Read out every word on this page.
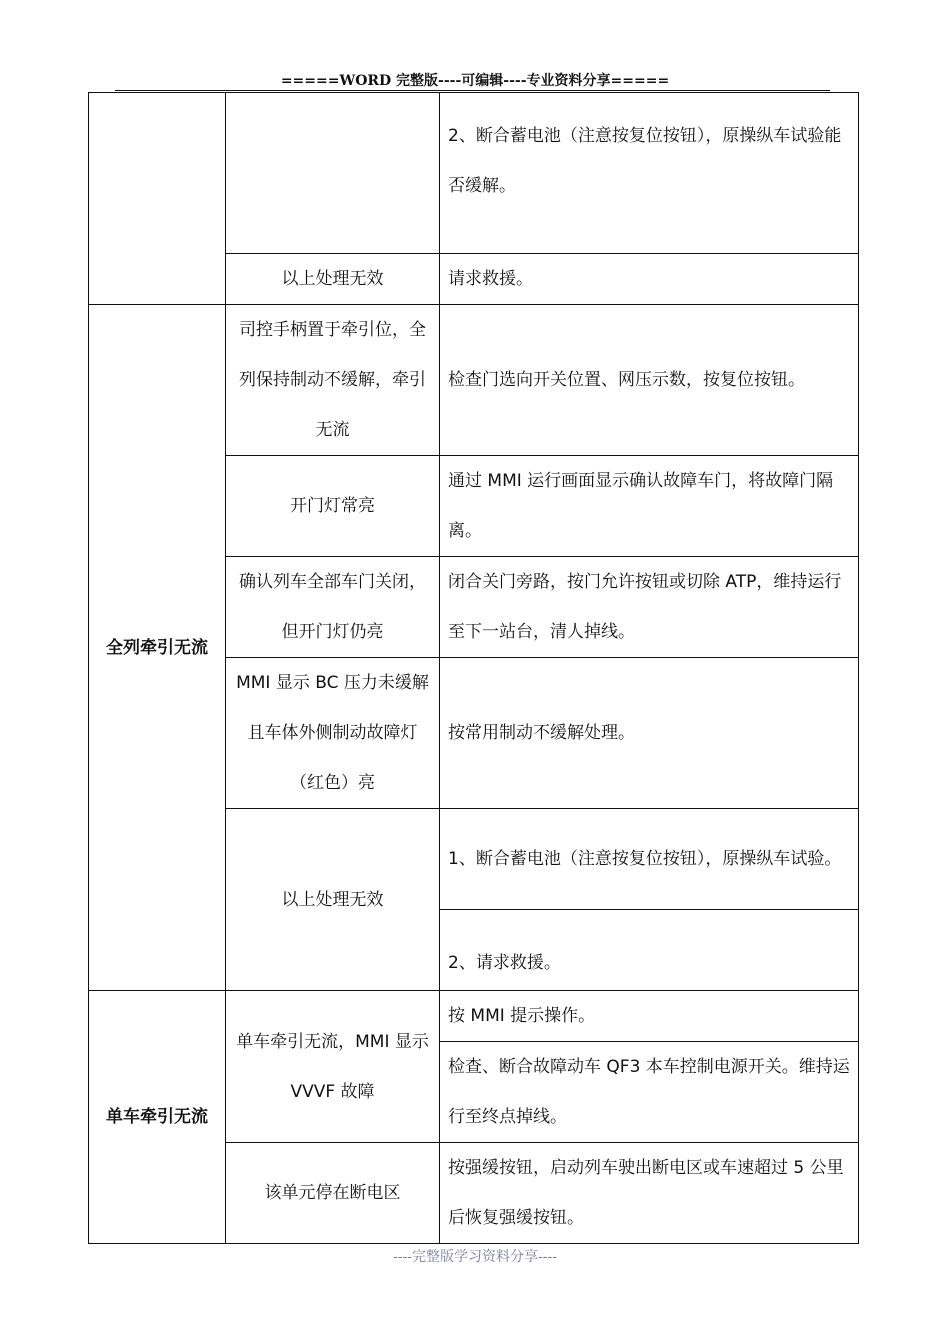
=====WORD 完整版----可编辑----专业资料分享=====
		2、断合蓄电池（注意按复位按钮），原操纵车试验能否缓解。
	以上处理无效	请求救援。
全列牵引无流	司控手柄置于牵引位，全列保持制动不缓解，牵引无流	检查门选向开关位置、网压示数，按复位按钮。
	开门灯常亮	通过 MMI 运行画面显示确认故障车门，将故障门隔离。
	确认列车全部车门关闭，但开门灯仍亮	闭合关门旁路，按门允许按钮或切除 ATP，维持运行至下一站台，清人掉线。
	MMI 显示 BC 压力未缓解且车体外侧制动故障灯（红色）亮	按常用制动不缓解处理。
	以上处理无效	1、断合蓄电池（注意按复位按钮），原操纵车试验。
		2、请求救援。
单车牵引无流	单车牵引无流，MMI 显示 VVVF 故障	按 MMI 提示操作。
		检查、断合故障动车 QF3 本车控制电源开关。维持运行至终点掉线。
	该单元停在断电区	按强缓按钮，启动列车驶出断电区或车速超过 5 公里后恢复强缓按钮。
----完整版学习资料分享----
